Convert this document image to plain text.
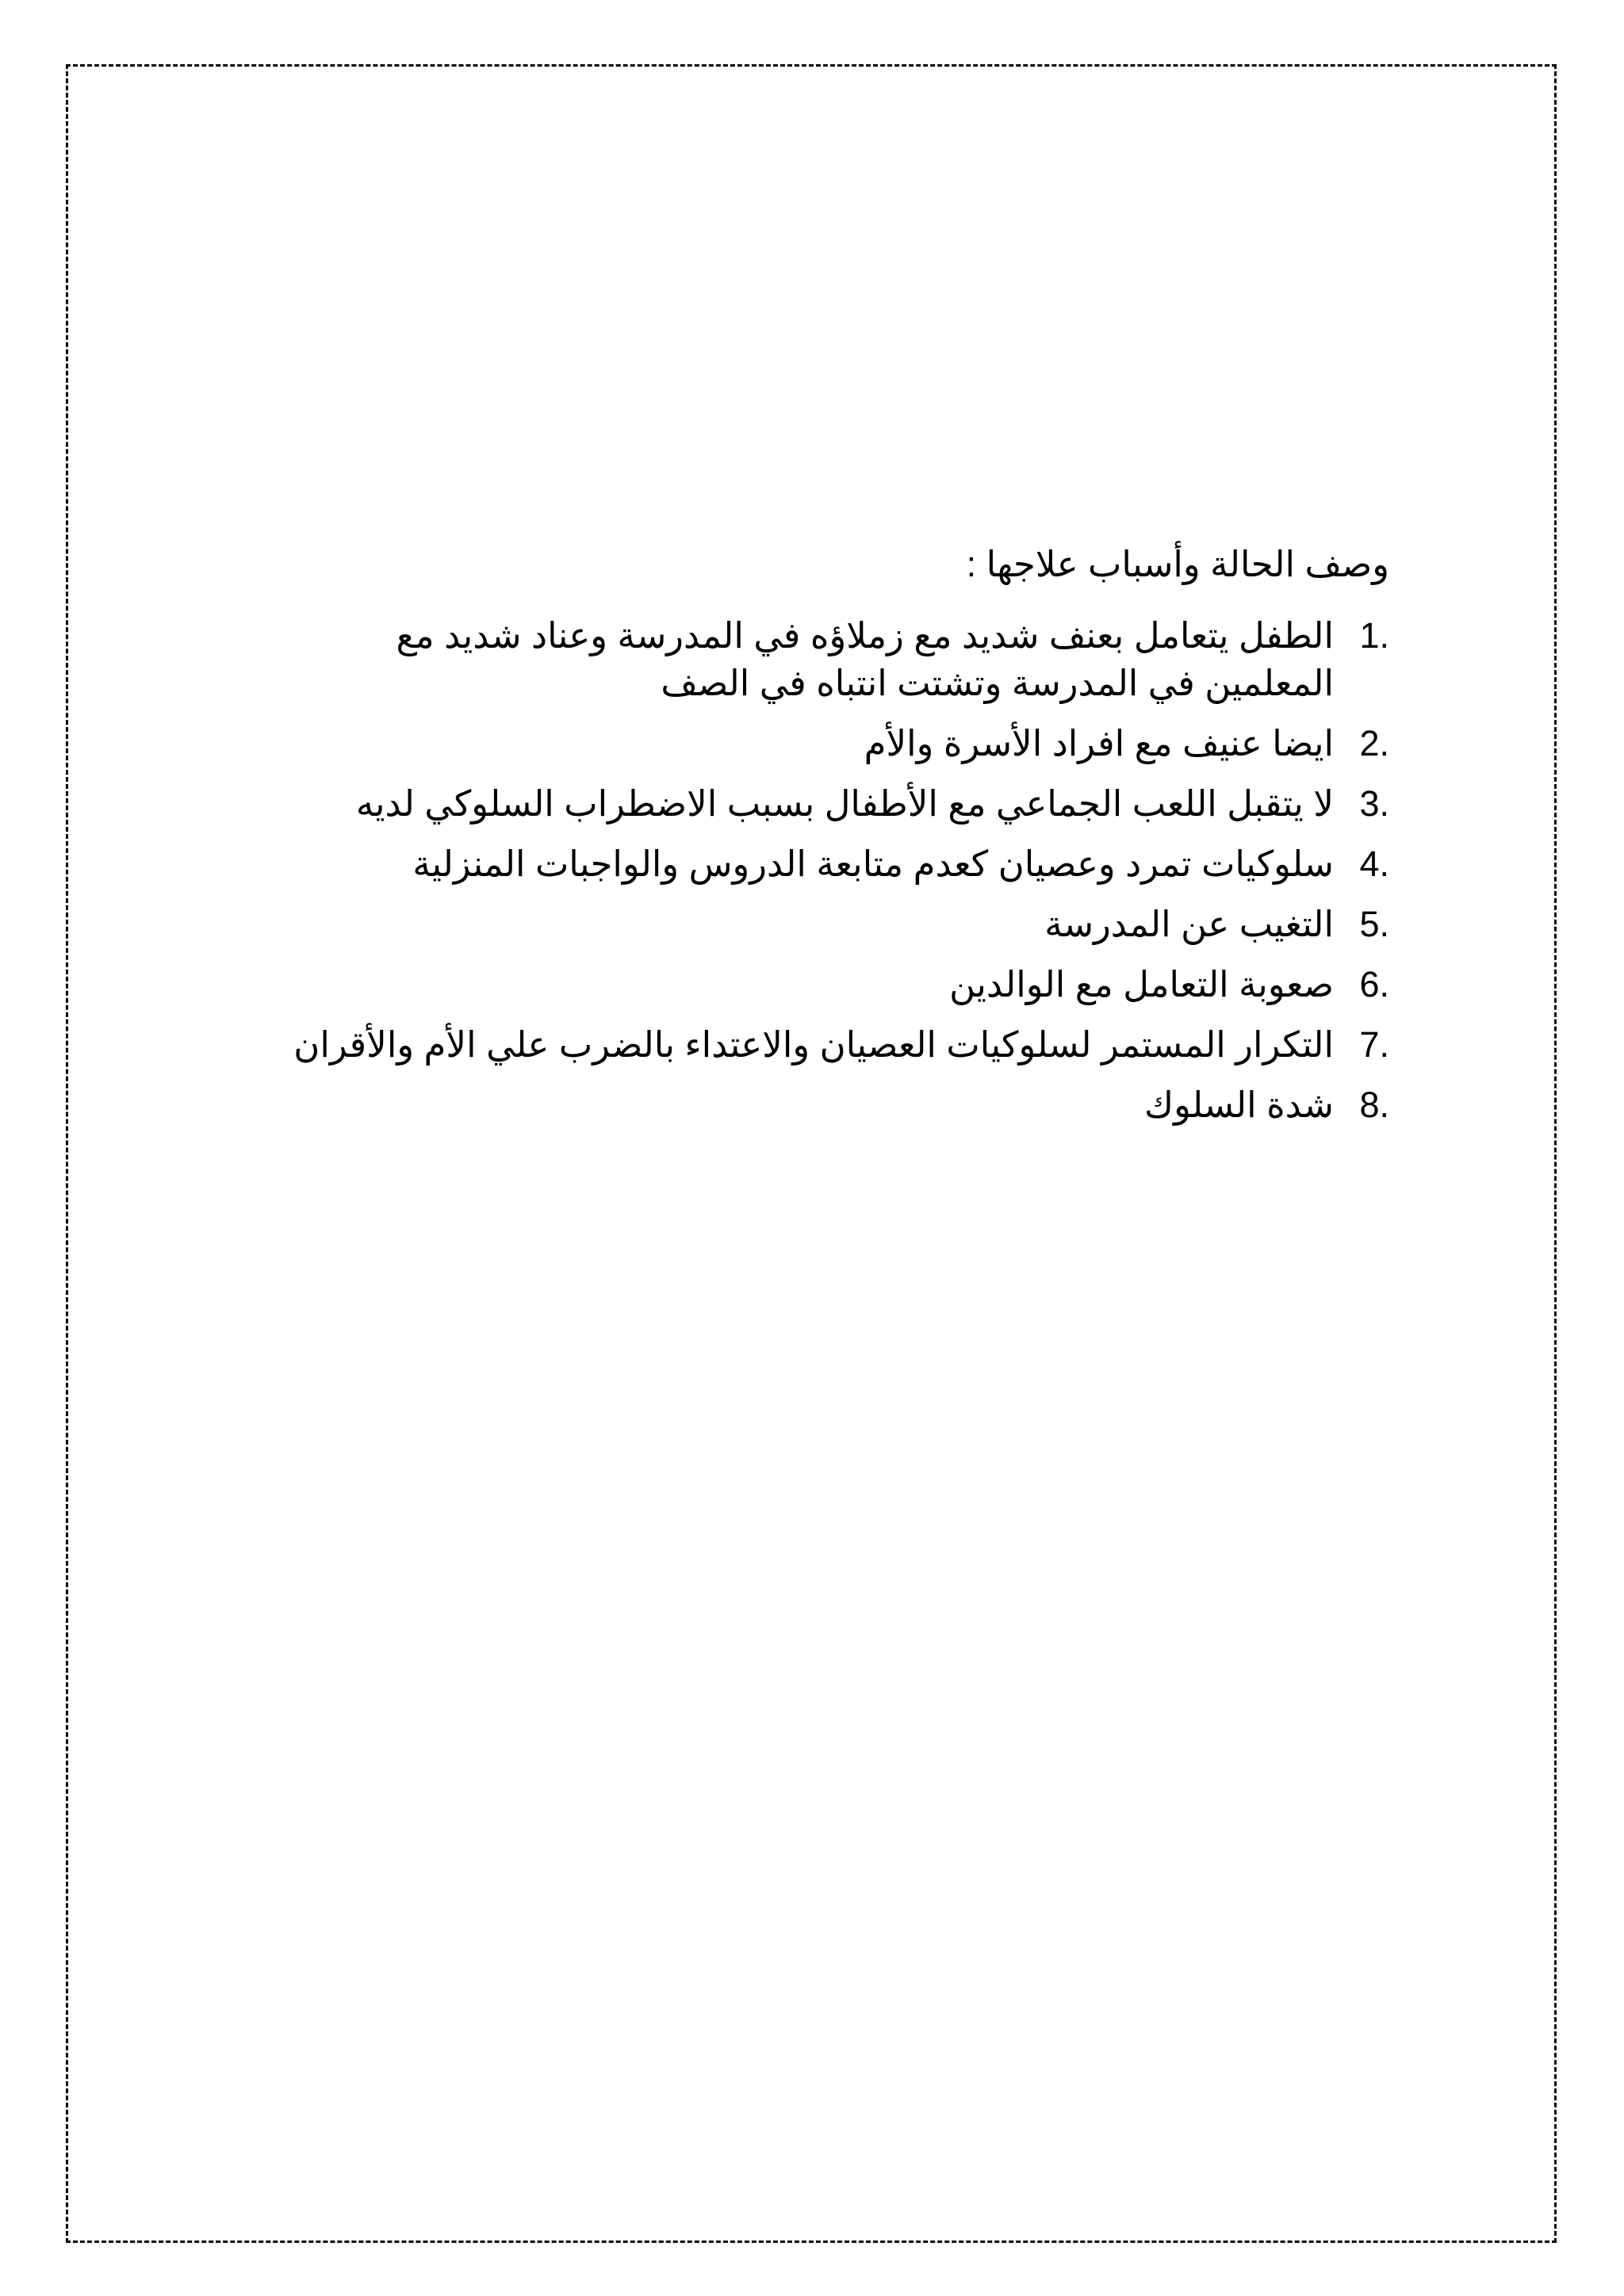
وصف الحالة وأسباب علاجها :

1.
الطفل يتعامل بعنف شديد مع زملاؤه في المدرسة وعناد شديد مع المعلمين في المدرسة وتشتت انتباه في الصف
2.
ايضا عنيف مع افراد الأسرة والأم
3.
لا يتقبل اللعب الجماعي مع الأطفال بسبب الاضطراب السلوكي لديه
4.
سلوكيات تمرد وعصيان كعدم متابعة الدروس والواجبات المنزلية
5.
التغيب عن المدرسة
6.
صعوبة التعامل مع الوالدين
7.
التكرار المستمر لسلوكيات العصيان والاعتداء بالضرب علي الأم والأقران
8.
شدة السلوك
